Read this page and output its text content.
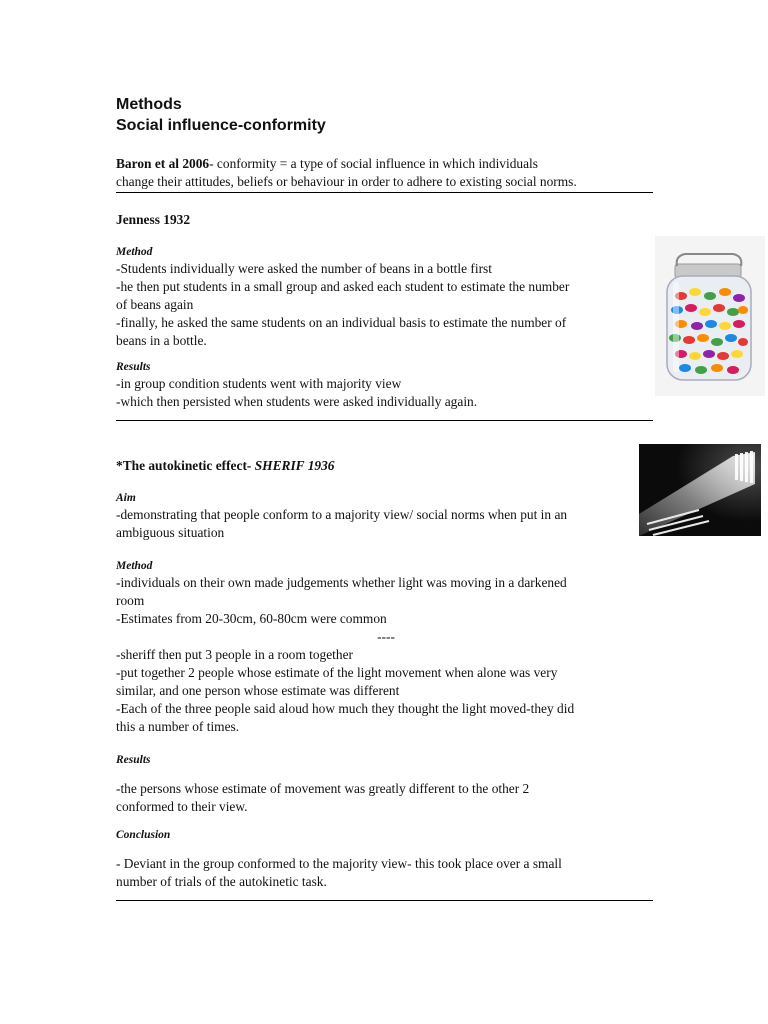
Methods
Social influence-conformity

Baron et al 2006- conformity = a type of social influence in which individuals

change their attitudes, beliefs or behaviour in order to adhere to existing social norms.

Jenness 1932

Method

-Students individually were asked the number of beans in a bottle first

-he then put students in a small group and asked each student to estimate the number

of beans again

-finally, he asked the same students on an individual basis to estimate the number of

beans in a bottle.

Results

-in group condition students went with majority view

-which then persisted when students were asked individually again.

*The autokinetic effect- SHERIF 1936

Aim

-demonstrating that people conform to a majority view/ social norms when put in an

ambiguous situation

Method

-individuals on their own made judgements whether light was moving in a darkened

room

-Estimates from 20-30cm, 60-80cm were common

----

-sheriff then put 3 people in a room together

-put together 2 people whose estimate of the light movement when alone was very

similar, and one person whose estimate was different

-Each of the three people said aloud how much they thought the light moved-they did

this a number of times.

Results

-the persons whose estimate of movement was greatly different to the other 2

conformed to their view.

Conclusion

- Deviant in the group conformed to the majority view- this took place over a small

number of trials of the autokinetic task.
